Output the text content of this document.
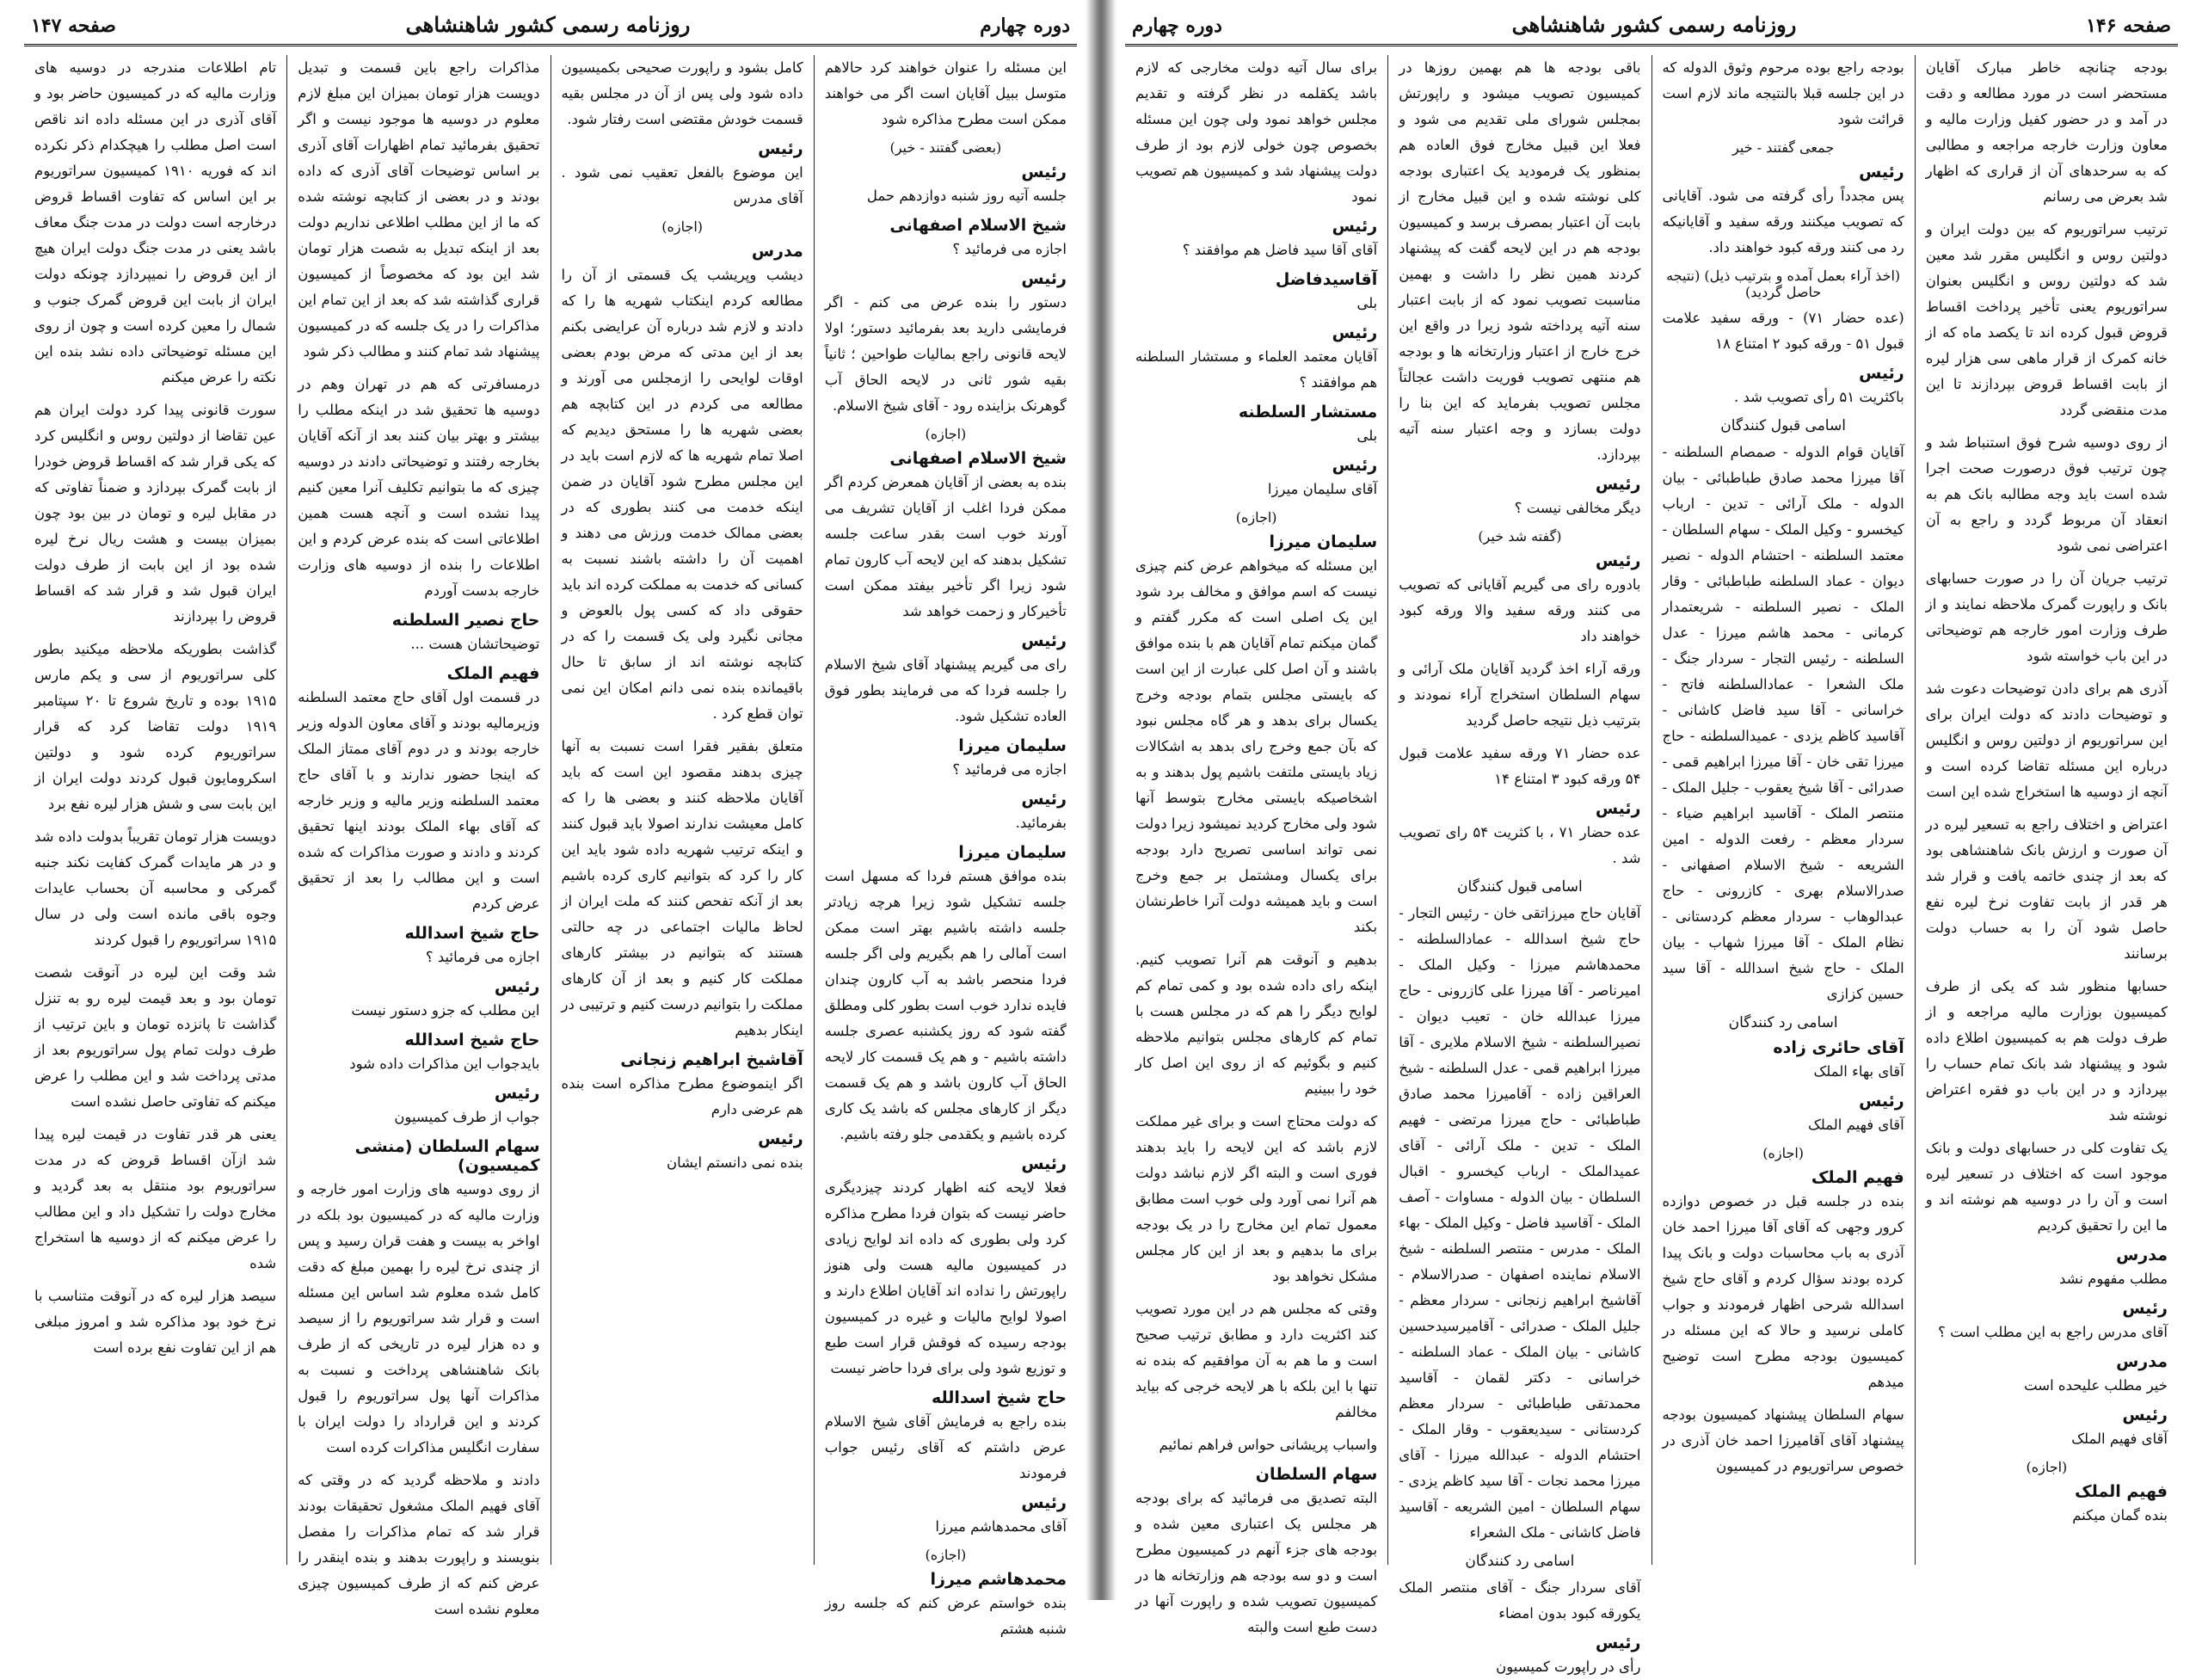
دوره چهارم
روزنامه رسمی کشور شاهنشاهی
صفحه ۱۴۷

این مسئله را عنوان خواهند کرد حالاهم متوسل ببیل آقایان است اگر می خواهند ممکن است مطرح مذاکره شود

(بعضی گفتند - خیر)
رئیس

جلسه آتیه روز شنبه دوازدهم حمل

شیخ الاسلام اصفهانی

اجازه می فرمائید ؟

رئیس

دستور را بنده عرض می کنم - اگر فرمایشی دارید بعد بفرمائید دستور؛ اولا لایحه قانونی راجع بمالیات طواحین ؛ ثانیاً بقیه شور ثانی در لایحه الحاق آب گوهرنک بزاینده رود - آقای شیخ الاسلام.

(اجازه)
شیخ الاسلام اصفهانی

بنده به بعضی از آقایان همعرض کردم اگر ممکن فردا اغلب از آقایان تشریف می آورند خوب است بقدر ساعت جلسه تشکیل بدهند که این لایحه آب کارون تمام شود زیرا اگر تأخیر بیفتد ممکن است تأخیرکار و زحمت خواهد شد

رئیس

رای می گیریم پیشنهاد آقای شیخ الاسلام را جلسه فردا که می فرمایند بطور فوق العاده تشکیل شود.

سلیمان میرزا

اجازه می فرمائید ؟

رئیس

بفرمائید.

سلیمان میرزا

بنده موافق هستم فردا که مسهل است جلسه تشکیل شود زیرا هرچه زیادتر جلسه داشته باشیم بهتر است ممکن است آمالی را هم بگیریم ولی اگر جلسه فردا منحصر باشد به آب کارون چندان فایده ندارد خوب است بطور کلی ومطلق گفته شود که روز یکشنبه عصری جلسه داشته باشیم - و هم یک قسمت کار لایحه الحاق آب کارون باشد و هم یک قسمت دیگر از کارهای مجلس که باشد یک کاری کرده باشیم و یکقدمی جلو رفته باشیم.

رئیس

فعلا لایحه کنه اظهار کردند چیزدیگری حاضر نیست که بتوان فردا مطرح مذاکره کرد ولی بطوری که داده اند لوایح زیادی در کمیسیون مالیه هست ولی هنوز راپورتش را نداده اند آقایان اطلاع دارند و اصولا لوایح مالیات و غیره در کمیسیون بودجه رسیده که فوقش قرار است طبع و توزیع شود ولی برای فردا حاضر نیست

حاج شیخ اسدالله

بنده راجع به فرمایش آقای شیخ الاسلام عرض داشتم که آقای رئیس جواب فرمودند

رئیس

آقای محمدهاشم میرزا

(اجازه)
محمدهاشم میرزا

بنده خواستم عرض کنم که جلسه روز شنبه هشتم

کامل بشود و راپورت صحیحی بکمیسیون داده شود ولی پس از آن در مجلس بقیه قسمت خودش مقتضی است رفتار شود.

رئیس

این موضوع بالفعل تعقیب نمی شود . آقای مدرس

(اجازه)
مدرس

دیشب وپریشب یک قسمتی از آن را مطالعه کردم اینکتاب شهریه ها را که دادند و لازم شد درباره آن عرایضی بکنم بعد از این مدتی که مرض بودم بعضی اوقات لوایحی را ازمجلس می آورند و مطالعه می کردم در این کتابچه هم بعضی شهریه ها را مستحق دیدیم که اصلا تمام شهریه ها که لازم است باید در این مجلس مطرح شود آقایان در ضمن اینکه خدمت می کنند بطوری که در بعضی ممالک خدمت ورزش می دهند و اهمیت آن را داشته باشند نسبت به کسانی که خدمت به مملکت کرده اند باید حقوقی داد که کسی پول بالعوض و مجانی نگیرد ولی یک قسمت را که در کتابچه نوشته اند از سابق تا حال باقیمانده بنده نمی دانم امکان این نمی توان قطع کرد .

متعلق بفقیر فقرا است نسبت به آنها چیزی بدهند مقصود این است که باید آقایان ملاحظه کنند و بعضی ها را که کامل معیشت ندارند اصولا باید قبول کنند و اینکه ترتیب شهریه داده شود باید این کار را کرد که بتوانیم کاری کرده باشیم بعد از آنکه تفحص کنند که ملت ایران از لحاظ مالیات اجتماعی در چه حالتی هستند که بتوانیم در بیشتر کارهای مملکت کار کنیم و بعد از آن کارهای مملکت را بتوانیم درست کنیم و ترتیبی در اینکار بدهیم

آقاشیخ ابراهیم زنجانی

اگر اینموضوع مطرح مذاکره است بنده هم عرضی دارم

رئیس

بنده نمی دانستم ایشان

مذاکرات راجع باین قسمت و تبدیل دویست هزار تومان بمیزان این مبلغ لازم معلوم در دوسیه ها موجود نیست و اگر تحقیق بفرمائید تمام اظهارات آقای آذری بر اساس توضیحات آقای آذری که داده بودند و در بعضی از کتابچه نوشته شده که ما از این مطلب اطلاعی نداریم دولت بعد از اینکه تبدیل به شصت هزار تومان شد این بود که مخصوصاً از کمیسیون قراری گذاشته شد که بعد از این تمام این مذاکرات را در یک جلسه که در کمیسیون پیشنهاد شد تمام کنند و مطالب ذکر شود

درمسافرتی که هم در تهران وهم در دوسیه ها تحقیق شد در اینکه مطلب را بیشتر و بهتر بیان کنند بعد از آنکه آقایان بخارجه رفتند و توضیحاتی دادند در دوسیه چیزی که ما بتوانیم تکلیف آنرا معین کنیم پیدا نشده است و آنچه هست همین اطلاعاتی است که بنده عرض کردم و این اطلاعات را بنده از دوسیه های وزارت خارجه بدست آوردم

حاج نصیر السلطنه

توضیحاتشان هست ...

فهیم الملک

در قسمت اول آقای حاج معتمد السلطنه وزیرمالیه بودند و آقای معاون الدوله وزیر خارجه بودند و در دوم آقای ممتاز الملک که اینجا حضور ندارند و با آقای حاج معتمد السلطنه وزیر مالیه و وزیر خارجه که آقای بهاء الملک بودند اینها تحقیق کردند و دادند و صورت مذاکرات که شده است و این مطالب را بعد از تحقیق عرض کردم

حاج شیخ اسدالله

اجازه می فرمائید ؟

رئیس

این مطلب که جزو دستور نیست

حاج شیخ اسدالله

بایدجواب این مذاکرات داده شود

رئیس

جواب از طرف کمیسیون

سهام السلطان (منشی کمیسیون)

از روی دوسیه های وزارت امور خارجه و وزارت مالیه که در کمیسیون بود بلکه در اواخر به بیست و هفت قران رسید و پس از چندی نرخ لیره را بهمین مبلغ که دقت کامل شده معلوم شد اساس این مسئله است و قرار شد سراتوریوم را از سیصد و ده هزار لیره در تاریخی که از طرف بانک شاهنشاهی پرداخت و نسبت به مذاکرات آنها پول سراتوریوم را قبول کردند و این قرارداد را دولت ایران با سفارت انگلیس مذاکرات کرده است

دادند و ملاحظه گردید که در وقتی که آقای فهیم الملک مشغول تحقیقات بودند قرار شد که تمام مذاکرات را مفصل بنویسند و راپورت بدهند و بنده اینقدر را عرض کنم که از طرف کمیسیون چیزی معلوم نشده است

تام اطلاعات مندرجه در دوسیه های وزارت مالیه که در کمیسیون حاضر بود و آقای آذری در این مسئله داده اند ناقص است اصل مطلب را هیچکدام ذکر نکرده اند که فوریه ۱۹۱۰ کمیسیون سراتوریوم بر این اساس که تفاوت اقساط قروض درخارجه است دولت در مدت جنگ معاف باشد یعنی در مدت جنگ دولت ایران هیچ از این قروض را نمیپردازد چونکه دولت ایران از بابت این قروض گمرک جنوب و شمال را معین کرده است و چون از روی این مسئله توضیحاتی داده نشد بنده این نکته را عرض میکنم

سورت قانونی پیدا کرد دولت ایران هم عین تقاضا از دولتین روس و انگلیس کرد که یکی قرار شد که اقساط قروض خودرا از بابت گمرک بپردازد و ضمناً تفاوتی که در مقابل لیره و تومان در بین بود چون بمیزان بیست و هشت ریال نرخ لیره شده بود از این بابت از طرف دولت ایران قبول شد و قرار شد که اقساط قروض را بپردازند

گذاشت بطوریکه ملاحظه میکنید بطور کلی سراتوریوم از سی و یکم مارس ۱۹۱۵ بوده و تاریخ شروع تا ۲۰ سپتامبر ۱۹۱۹ دولت تقاضا کرد که قرار سراتوریوم کرده شود و دولتین اسکرومایون قبول کردند دولت ایران از این بابت سی و شش هزار لیره نفع برد

دویست هزار تومان تقریباً بدولت داده شد و در هر مایدات گمرک کفایت نکند جنبه گمرکی و محاسبه آن بحساب عایدات وجوه باقی مانده است ولی در سال ۱۹۱۵ سراتوریوم را قبول کردند

شد وقت این لیره در آنوقت شصت تومان بود و بعد قیمت لیره رو به تنزل گذاشت تا پانزده تومان و باین ترتیب از طرف دولت تمام پول سراتوریوم بعد از مدتی پرداخت شد و این مطلب را عرض میکنم که تفاوتی حاصل نشده است

یعنی هر قدر تفاوت در قیمت لیره پیدا شد ازآن اقساط قروض که در مدت سراتوریوم بود منتقل به بعد گردید و مخارج دولت را تشکیل داد و این مطالب را عرض میکنم که از دوسیه ها استخراج شده

سیصد هزار لیره که در آنوقت متناسب با نرخ خود بود مذاکره شد و امروز مبلغی هم از این تفاوت نفع برده است

صفحه ۱۴۶
روزنامه رسمی کشور شاهنشاهی
دوره چهارم

بودجه چنانچه خاطر مبارک آقایان مستحضر است در مورد مطالعه و دقت در آمد و در حضور کفیل وزارت مالیه و معاون وزارت خارجه مراجعه و مطالبی که به سرحدهای آن از قراری که اظهار شد بعرض می رسانم

ترتیب سراتوریوم که بین دولت ایران و دولتین روس و انگلیس مقرر شد معین شد که دولتین روس و انگلیس بعنوان سراتوریوم یعنی تأخیر پرداخت اقساط قروض قبول کرده اند تا یکصد ماه که از خانه کمرک از قرار ماهی سی هزار لیره از بابت اقساط قروض بپردازند تا این مدت منقضی گردد

از روی دوسیه شرح فوق استنباط شد و چون ترتیب فوق درصورت صحت اجرا شده است باید وجه مطالبه بانک هم به انعقاد آن مربوط گردد و راجع به آن اعتراضی نمی شود

ترتیب جریان آن را در صورت حسابهای بانک و راپورت گمرک ملاحظه نمایند و از طرف وزارت امور خارجه هم توضیحاتی در این باب خواسته شود

آذری هم برای دادن توضیحات دعوت شد و توضیحات دادند که دولت ایران برای این سراتوریوم از دولتین روس و انگلیس درباره این مسئله تقاضا کرده است و آنچه از دوسیه ها استخراج شده این است

اعتراض و اختلاف راجع به تسعیر لیره در آن صورت و ارزش بانک شاهنشاهی بود که بعد از چندی خاتمه یافت و قرار شد هر قدر از بابت تفاوت نرخ لیره نفع حاصل شود آن را به حساب دولت برسانند

حسابها منظور شد که یکی از طرف کمیسیون بوزارت مالیه مراجعه و از طرف دولت هم به کمیسیون اطلاع داده شود و پیشنهاد شد بانک تمام حساب را بپردازد و در این باب دو فقره اعتراض نوشته شد

یک تفاوت کلی در حسابهای دولت و بانک موجود است که اختلاف در تسعیر لیره است و آن را در دوسیه هم نوشته اند و ما این را تحقیق کردیم

مدرس

مطلب مفهوم نشد

رئیس

آقای مدرس راجع به این مطلب است ؟

مدرس

خیر مطلب علیحده است

رئیس

آقای فهیم الملک

(اجازه)
فهیم الملک

بنده گمان میکنم

بودجه راجع بوده مرحوم وثوق الدوله که در این جلسه قبلا بالنتیجه ماند لازم است قرائت شود

جمعی گفتند - خیر
رئیس

پس مجدداً رأی گرفته می شود. آقایانی که تصویب میکنند ورقه سفید و آقایانیکه رد می کنند ورقه کبود خواهند داد.

(اخذ آراء بعمل آمده و بترتیب ذیل) (نتیجه حاصل گردید)

(عده حضار ۷۱) - ورقه سفید علامت قبول ۵۱ - ورقه کبود ۲ امتناع ۱۸

رئیس

باکثریت ۵۱ رأی تصویب شد .

اسامی قبول کنندگان

آقایان قوام الدوله - صمصام السلطنه - آقا میرزا محمد صادق طباطبائی - بیان الدوله - ملک آرائی - تدین - ارباب کیخسرو - وکیل الملک - سهام السلطان - معتمد السلطنه - احتشام الدوله - نصیر دیوان - عماد السلطنه طباطبائی - وقار الملک - نصیر السلطنه - شریعتمدار کرمانی - محمد هاشم میرزا - عدل السلطنه - رئیس التجار - سردار جنگ - ملک الشعرا - عمادالسلطنه فاتح - خراسانی - آقا سید فاضل کاشانی - آقاسید کاظم یزدی - عمیدالسلطنه - حاج میرزا تقی خان - آقا میرزا ابراهیم قمی - صدرائی - آقا شیخ یعقوب - جلیل الملک - منتصر الملک - آقاسید ابراهیم ضیاء - سردار معظم - رفعت الدوله - امین الشریعه - شیخ الاسلام اصفهانی - صدرالاسلام بهری - کازرونی - حاج عبدالوهاب - سردار معظم کردستانی - نظام الملک - آقا میرزا شهاب - بیان الملک - حاج شیخ اسدالله - آقا سید حسین کزازی

اسامی رد کنندگان
آقای حائری زاده

آقای بهاء الملک

رئیس

آقای فهیم الملک

(اجازه)
فهیم الملک

بنده در جلسه قبل در خصوص دوازده کرور وجهی که آقای آقا میرزا احمد خان آذری به باب محاسبات دولت و بانک پیدا کرده بودند سؤال کردم و آقای حاج شیخ اسدالله شرحی اظهار فرمودند و جواب کاملی نرسید و حالا که این مسئله در کمیسیون بودجه مطرح است توضیح میدهم

سهام السلطان پیشنهاد کمیسیون بودجه پیشنهاد آقای آقامیرزا احمد خان آذری در خصوص سراتوریوم در کمیسیون

باقی بودجه ها هم بهمین روزها در کمیسیون تصویب میشود و راپورتش بمجلس شورای ملی تقدیم می شود و فعلا این قبیل مخارج فوق العاده هم بمنظور یک فرمودید یک اعتباری بودجه کلی نوشته شده و این قبیل مخارج از بابت آن اعتبار بمصرف برسد و کمیسیون بودجه هم در این لایحه گفت که پیشنهاد کردند همین نظر را داشت و بهمین مناسبت تصویب نمود که از بابت اعتبار سنه آتیه پرداخته شود زیرا در واقع این خرج خارج از اعتبار وزارتخانه ها و بودجه هم منتهی تصویب فوریت داشت عجالتاً مجلس تصویب بفرماید که این بنا را دولت بسازد و وجه اعتبار سنه آتیه بپردازد.

رئیس

دیگر مخالفی نیست ؟

(گفته شد خیر)
رئیس

بادوره رای می گیریم آقایانی که تصویب می کنند ورقه سفید والا ورقه کبود خواهند داد

ورقه آراء اخذ گردید آقایان ملک آرائی و سهام السلطان استخراج آراء نمودند و بترتیب ذیل نتیجه حاصل گردید

عده حضار ۷۱ ورقه سفید علامت قبول ۵۴ ورقه کبود ۳ امتناع ۱۴

رئیس

عده حضار ۷۱ ، با کثریت ۵۴ رای تصویب شد .

اسامی قبول کنندگان

آقایان حاج میرزاتقی خان - رئیس التجار - حاج شیخ اسدالله - عمادالسلطنه - محمدهاشم میرزا - وکیل الملک - امیرناصر - آقا میرزا علی کازرونی - حاج میرزا عبدالله خان - تعیب دیوان - نصیرالسلطنه - شیخ الاسلام ملایری - آقا میرزا ابراهیم قمی - عدل السلطنه - شیخ العراقین زاده - آقامیرزا محمد صادق طباطبائی - حاج میرزا مرتضی - فهیم الملک - تدین - ملک آرائی - آقای عمیدالملک - ارباب کیخسرو - اقبال السلطان - بیان الدوله - مساوات - آصف الملک - آقاسید فاضل - وکیل الملک - بهاء الملک - مدرس - منتصر السلطنه - شیخ الاسلام نماینده اصفهان - صدرالاسلام - آقاشیخ ابراهیم زنجانی - سردار معظم - جلیل الملک - صدرائی - آقامیرسیدحسین کاشانی - بیان الملک - عماد السلطنه - خراسانی - دکتر لقمان - آقاسید محمدتقی طباطبائی - سردار معظم کردستانی - سیدیعقوب - وقار الملک - احتشام الدوله - عبدالله میرزا - آقای میرزا محمد نجات - آقا سید کاظم یزدی - سهام السلطان - امین الشریعه - آقاسید فاضل کاشانی - ملک الشعراء

اسامی رد کنندگان

آقای سردار جنگ - آقای منتصر الملک یکورقه کبود بدون امضاء

رئیس

رأی در راپورت کمیسیون

برای سال آتیه دولت مخارجی که لازم باشد یکقلمه در نظر گرفته و تقدیم مجلس خواهد نمود ولی چون این مسئله بخصوص چون خولی لازم بود از طرف دولت پیشنهاد شد و کمیسیون هم تصویب نمود

رئیس

آقای آقا سید فاضل هم موافقند ؟

آقاسیدفاضل

بلی

رئیس

آقایان معتمد العلماء و مستشار السلطنه هم موافقند ؟

مستشار السلطنه

بلی

رئیس

آقای سلیمان میرزا

(اجازه)
سلیمان میرزا

این مسئله که میخواهم عرض کنم چیزی نیست که اسم موافق و مخالف برد شود این یک اصلی است که مکرر گفتم و گمان میکنم تمام آقایان هم با بنده موافق باشند و آن اصل کلی عبارت از این است که بایستی مجلس بتمام بودجه وخرج یکسال برای بدهد و هر گاه مجلس نبود که بآن جمع وخرج رای بدهد به اشکالات زیاد بایستی ملتفت باشیم پول بدهند و به اشخاصیکه بایستی مخارج بتوسط آنها شود ولی مخارج کردید نمیشود زیرا دولت نمی تواند اساسی تصریح دارد بودجه برای یکسال ومشتمل بر جمع وخرج است و باید همیشه دولت آنرا خاطرنشان بکند

بدهیم و آنوقت هم آنرا تصویب کنیم. اینکه رای داده شده بود و کمی تمام کم لوایح دیگر را هم که در مجلس هست با تمام کم کارهای مجلس بتوانیم ملاحظه کنیم و بگوئیم که از روی این اصل کار خود را ببینیم

که دولت محتاج است و برای غیر مملکت لازم باشد که این لایحه را باید بدهند فوری است و البته اگر لازم نباشد دولت هم آنرا نمی آورد ولی خوب است مطابق معمول تمام این مخارج را در یک بودجه برای ما بدهیم و بعد از این کار مجلس مشکل نخواهد بود

وقتی که مجلس هم در این مورد تصویب کند اکثریت دارد و مطابق ترتیب صحیح است و ما هم به آن موافقیم که بنده نه تنها با این بلکه با هر لایحه خرجی که بیاید مخالفم

واسباب پریشانی حواس فراهم نمائیم

سهام السلطان

البته تصدیق می فرمائید که برای بودجه هر مجلس یک اعتباری معین شده و بودجه های جزء آنهم در کمیسیون مطرح است و دو سه بودجه هم وزارتخانه ها در کمیسیون تصویب شده و راپورت آنها در دست طبع است والبته
